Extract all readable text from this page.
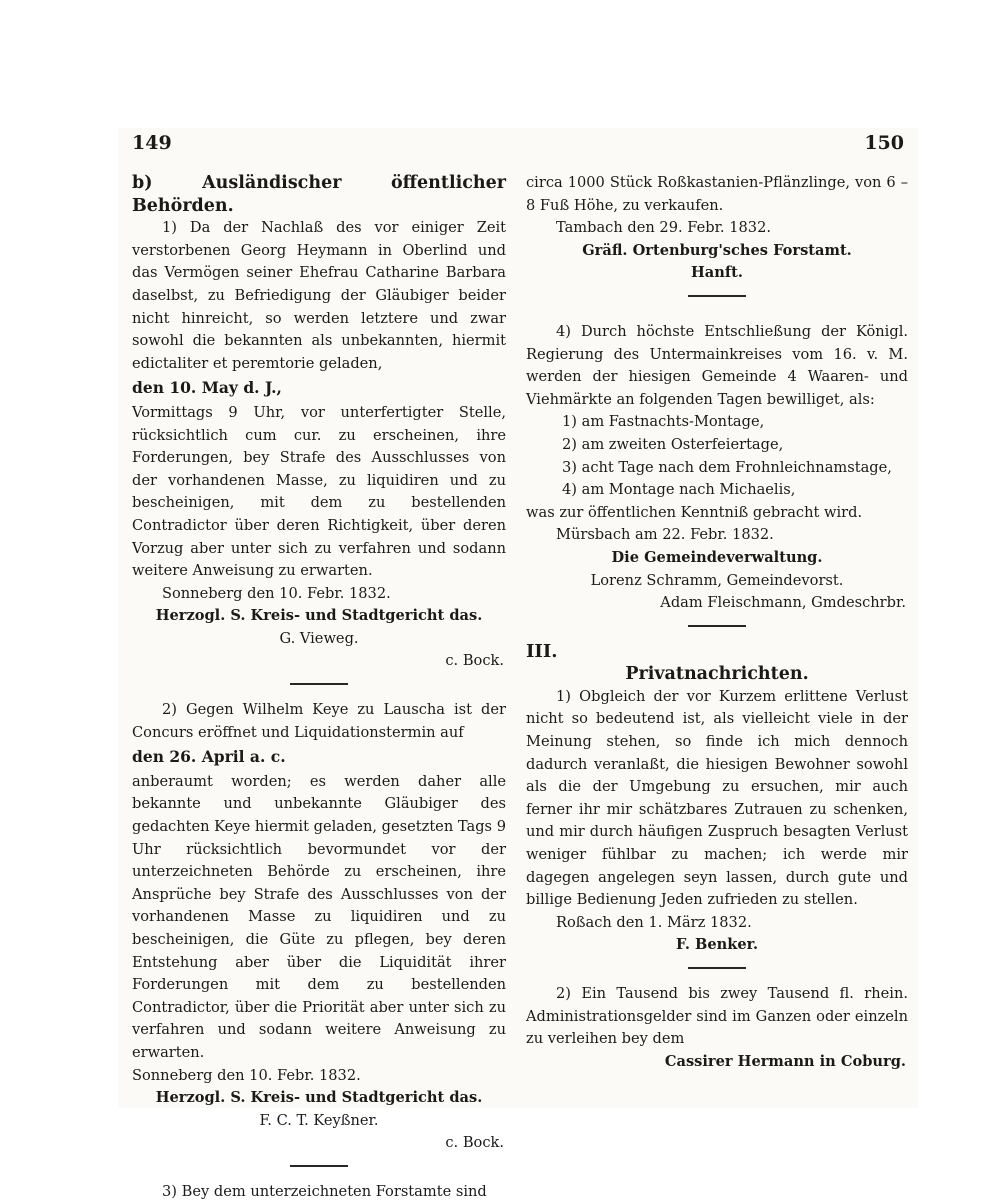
149	150

b) Ausländischer öffentlicher Behörden.

1) Da der Nachlaß des vor einiger Zeit verstorbenen Georg Heymann in Oberlind und das Vermögen seiner Ehefrau Catharine Barbara daselbst, zu Befriedigung der Gläubiger beider nicht hinreicht, so werden letztere und zwar sowohl die bekannten als unbekannten, hiermit edictaliter et peremtorie geladen,

den 10. May d. J.,

Vormittags 9 Uhr, vor unterfertigter Stelle, rücksichtlich cum cur. zu erscheinen, ihre Forderungen, bey Strafe des Ausschlusses von der vorhandenen Masse, zu liquidiren und zu bescheinigen, mit dem zu bestellenden Contradictor über deren Richtigkeit, über deren Vorzug aber unter sich zu verfahren und sodann weitere Anweisung zu erwarten.

Sonneberg den 10. Febr. 1832.

Herzogl. S. Kreis- und Stadtgericht das.

G. Vieweg.

c. Bock.

2) Gegen Wilhelm Keye zu Lauscha ist der Concurs eröffnet und Liquidationstermin auf

den 26. April a. c.

anberaumt worden; es werden daher alle bekannte und unbekannte Gläubiger des gedachten Keye hiermit geladen, gesetzten Tags 9 Uhr rücksichtlich bevormundet vor der unterzeichneten Behörde zu erscheinen, ihre Ansprüche bey Strafe des Ausschlusses von der vorhandenen Masse zu liquidiren und zu bescheinigen, die Güte zu pflegen, bey deren Entstehung aber über die Liquidität ihrer Forderungen mit dem zu bestellenden Contradictor, über die Priorität aber unter sich zu verfahren und sodann weitere Anweisung zu erwarten.

Sonneberg den 10. Febr. 1832.

Herzogl. S. Kreis- und Stadtgericht das.

F. C. T. Keyßner.

c. Bock.

3) Bey dem unterzeichneten Forstamte sind

circa 1000 Stück Roßkastanien-Pflänzlinge, von 6 – 8 Fuß Höhe, zu verkaufen.

Tambach den 29. Febr. 1832.

Gräfl. Ortenburg'sches Forstamt.

Hanft.

4) Durch höchste Entschließung der Königl. Regierung des Untermainkreises vom 16. v. M. werden der hiesigen Gemeinde 4 Waaren- und Viehmärkte an folgenden Tagen bewilliget, als:

1) am Fastnachts-Montage,
2) am zweiten Osterfeiertage,
3) acht Tage nach dem Frohnleichnamstage,
4) am Montage nach Michaelis,

was zur öffentlichen Kenntniß gebracht wird.

Mürsbach am 22. Febr. 1832.

Die Gemeindeverwaltung.

Lorenz Schramm, Gemeindevorst.

Adam Fleischmann, Gmdeschrbr.

III.

Privatnachrichten.

1) Obgleich der vor Kurzem erlittene Verlust nicht so bedeutend ist, als vielleicht viele in der Meinung stehen, so finde ich mich dennoch dadurch veranlaßt, die hiesigen Bewohner sowohl als die der Umgebung zu ersuchen, mir auch ferner ihr mir schätzbares Zutrauen zu schenken, und mir durch häufigen Zuspruch besagten Verlust weniger fühlbar zu machen; ich werde mir dagegen angelegen seyn lassen, durch gute und billige Bedienung Jeden zufrieden zu stellen.

Roßach den 1. März 1832.

F. Benker.

2) Ein Tausend bis zwey Tausend fl. rhein. Administrationsgelder sind im Ganzen oder einzeln zu verleihen bey dem

Cassirer Hermann in Coburg.
